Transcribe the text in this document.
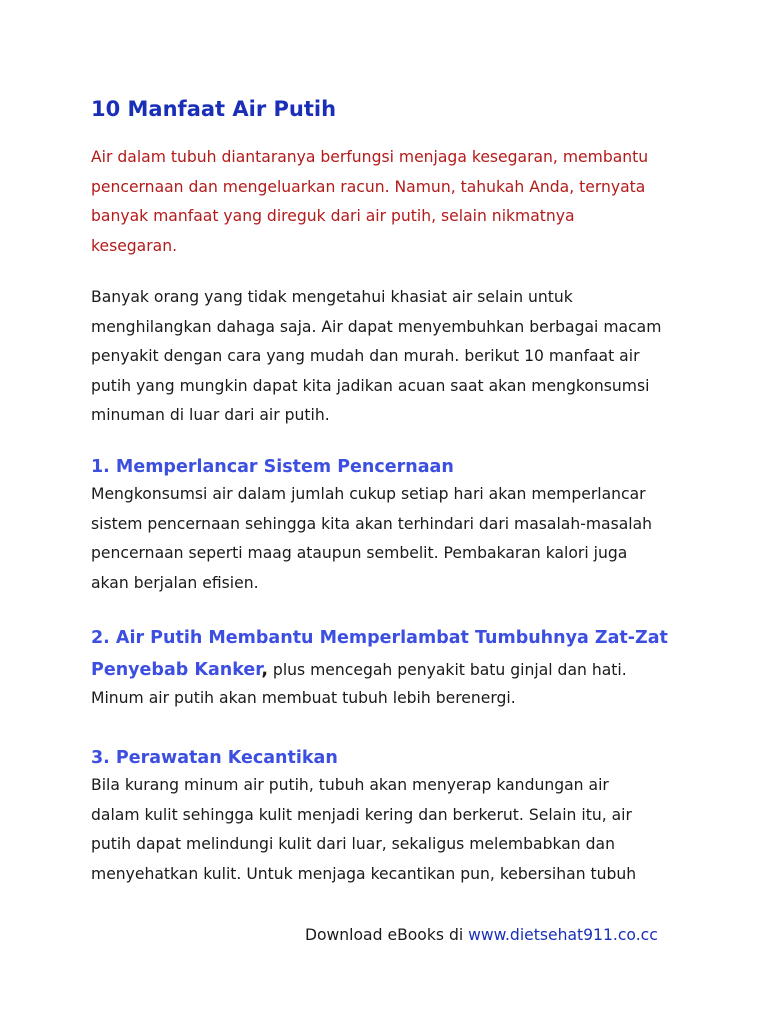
10 Manfaat Air Putih

Air dalam tubuh diantaranya berfungsi menjaga kesegaran, membantu
pencernaan dan mengeluarkan racun. Namun, tahukah Anda, ternyata
banyak manfaat yang direguk dari air putih, selain nikmatnya
kesegaran.

Banyak orang yang tidak mengetahui khasiat air selain untuk
menghilangkan dahaga saja. Air dapat menyembuhkan berbagai macam
penyakit dengan cara yang mudah dan murah. berikut 10 manfaat air
putih yang mungkin dapat kita jadikan acuan saat akan mengkonsumsi
minuman di luar dari air putih.

1. Memperlancar Sistem Pencernaan

Mengkonsumsi air dalam jumlah cukup setiap hari akan memperlancar
sistem pencernaan sehingga kita akan terhindari dari masalah-masalah
pencernaan seperti maag ataupun sembelit. Pembakaran kalori juga
akan berjalan efisien.

2. Air Putih Membantu Memperlambat Tumbuhnya Zat-Zat

Penyebab Kanker, plus mencegah penyakit batu ginjal dan hati.

Minum air putih akan membuat tubuh lebih berenergi.

3. Perawatan Kecantikan

Bila kurang minum air putih, tubuh akan menyerap kandungan air
dalam kulit sehingga kulit menjadi kering dan berkerut. Selain itu, air
putih dapat melindungi kulit dari luar, sekaligus melembabkan dan
menyehatkan kulit. Untuk menjaga kecantikan pun, kebersihan tubuh

Download eBooks di www.dietsehat911.co.cc
